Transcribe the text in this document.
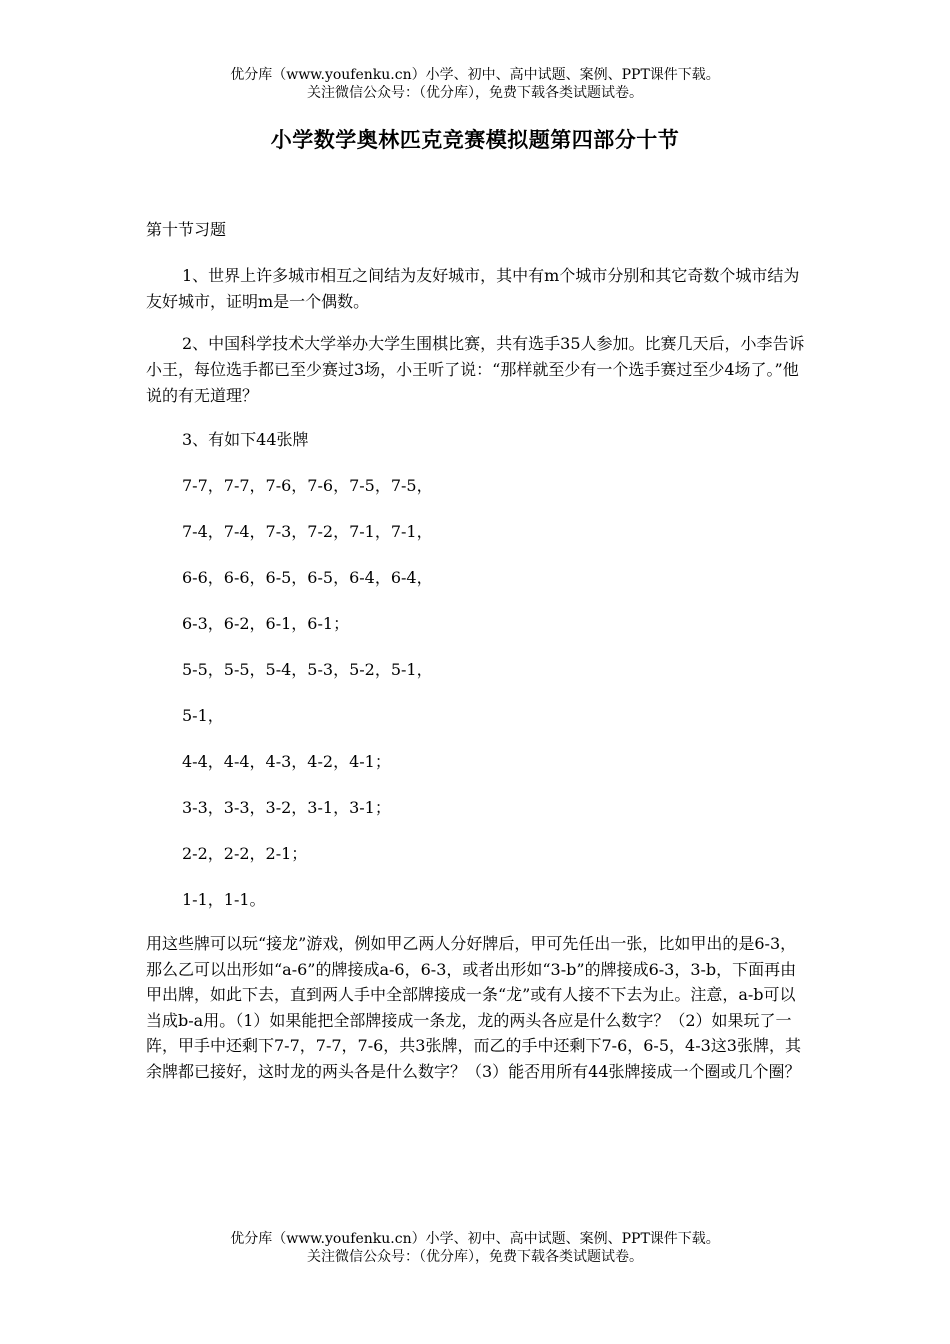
优分库（www.youfenku.cn）小学、初中、高中试题、案例、PPT课件下载。
关注微信公众号：（优分库），免费下载各类试题试卷。
小学数学奥林匹克竞赛模拟题第四部分十节
第十节习题
1、世界上许多城市相互之间结为友好城市，其中有m个城市分别和其它奇数个城市结为友好城市，证明m是一个偶数。
2、中国科学技术大学举办大学生围棋比赛，共有选手35人参加。比赛几天后，小李告诉小王，每位选手都已至少赛过3场，小王听了说：“那样就至少有一个选手赛过至少4场了。”他说的有无道理？
3、有如下44张牌
7-7，7-7，7-6，7-6，7-5，7-5，
7-4，7-4，7-3，7-2，7-1，7-1，
6-6，6-6，6-5，6-5，6-4，6-4，
6-3，6-2，6-1，6-1；
5-5，5-5，5-4，5-3，5-2，5-1，
5-1，
4-4，4-4，4-3，4-2，4-1；
3-3，3-3，3-2，3-1，3-1；
2-2，2-2，2-1；
1-1，1-1。
用这些牌可以玩“接龙”游戏，例如甲乙两人分好牌后，甲可先任出一张，比如甲出的是6-3，那么乙可以出形如“a-6”的牌接成a-6，6-3，或者出形如“3-b”的牌接成6-3，3-b，下面再由甲出牌，如此下去，直到两人手中全部牌接成一条“龙”或有人接不下去为止。注意，a-b可以当成b-a用。（1）如果能把全部牌接成一条龙，龙的两头各应是什么数字？（2）如果玩了一阵，甲手中还剩下7-7，7-7，7-6，共3张牌，而乙的手中还剩下7-6，6-5，4-3这3张牌，其余牌都已接好，这时龙的两头各是什么数字？（3）能否用所有44张牌接成一个圈或几个圈？
优分库（www.youfenku.cn）小学、初中、高中试题、案例、PPT课件下载。
关注微信公众号：（优分库），免费下载各类试题试卷。
